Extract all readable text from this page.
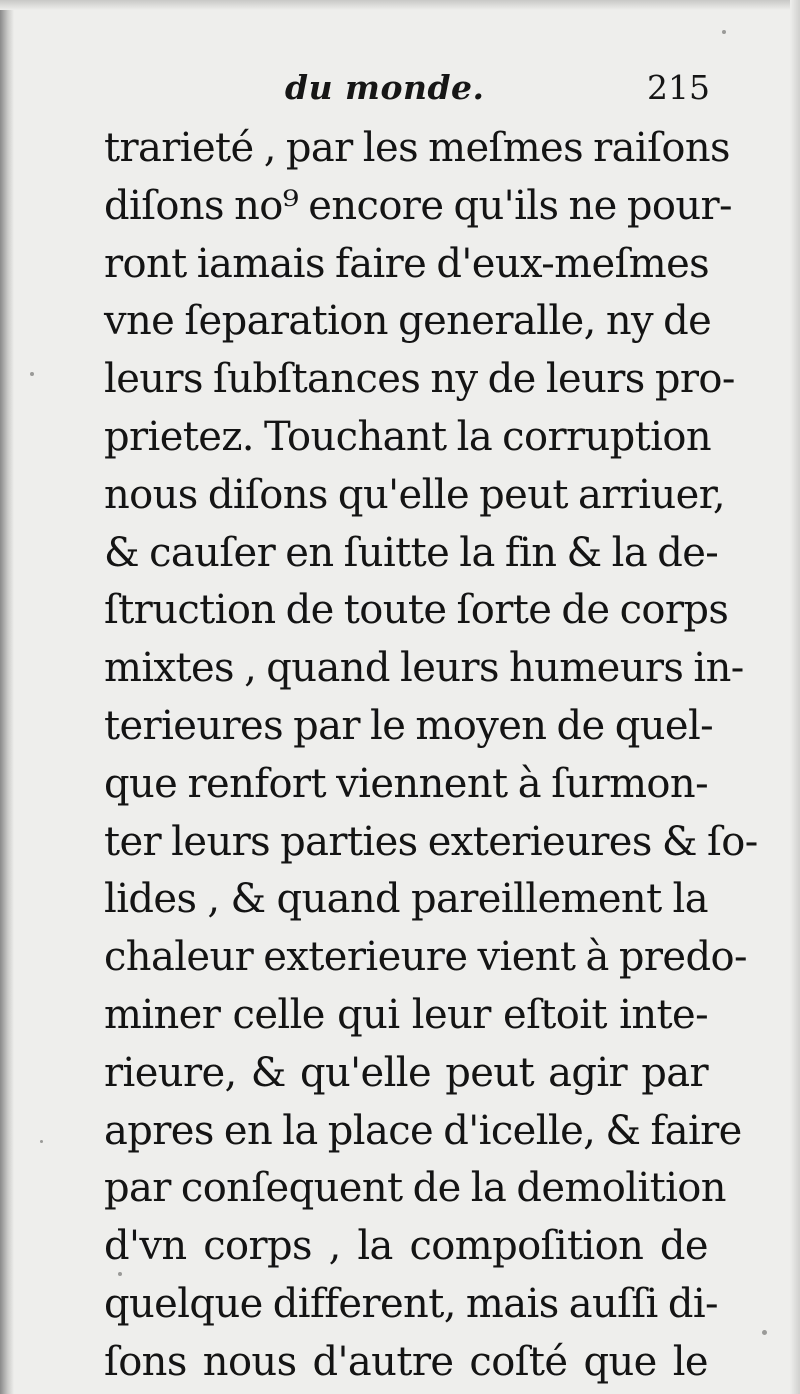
du monde.	215
trarieté , par les meſmes raiſons
diſons no⁹ encore qu'ils ne pour-
ront iamais faire d'eux-meſmes
vne ſeparation generalle, ny de
leurs ſubſtances ny de leurs pro-
prietez. Touchant la corruption
nous diſons qu'elle peut arriuer,
& cauſer en ſuitte la fin & la de-
ſtruction de toute ſorte de corps
mixtes , quand leurs humeurs in-
terieures par le moyen de quel-
que renfort viennent à ſurmon-
ter leurs parties exterieures & ſo-
lides , & quand pareillement la
chaleur exterieure vient à predo-
miner celle qui leur eſtoit inte-
rieure, & qu'elle peut agir par
apres en la place d'icelle, & faire
par conſequent de la demolition
d'vn corps , la compoſition de
quelque different, mais auſſi di-
ſons nous d'autre coſté que le
